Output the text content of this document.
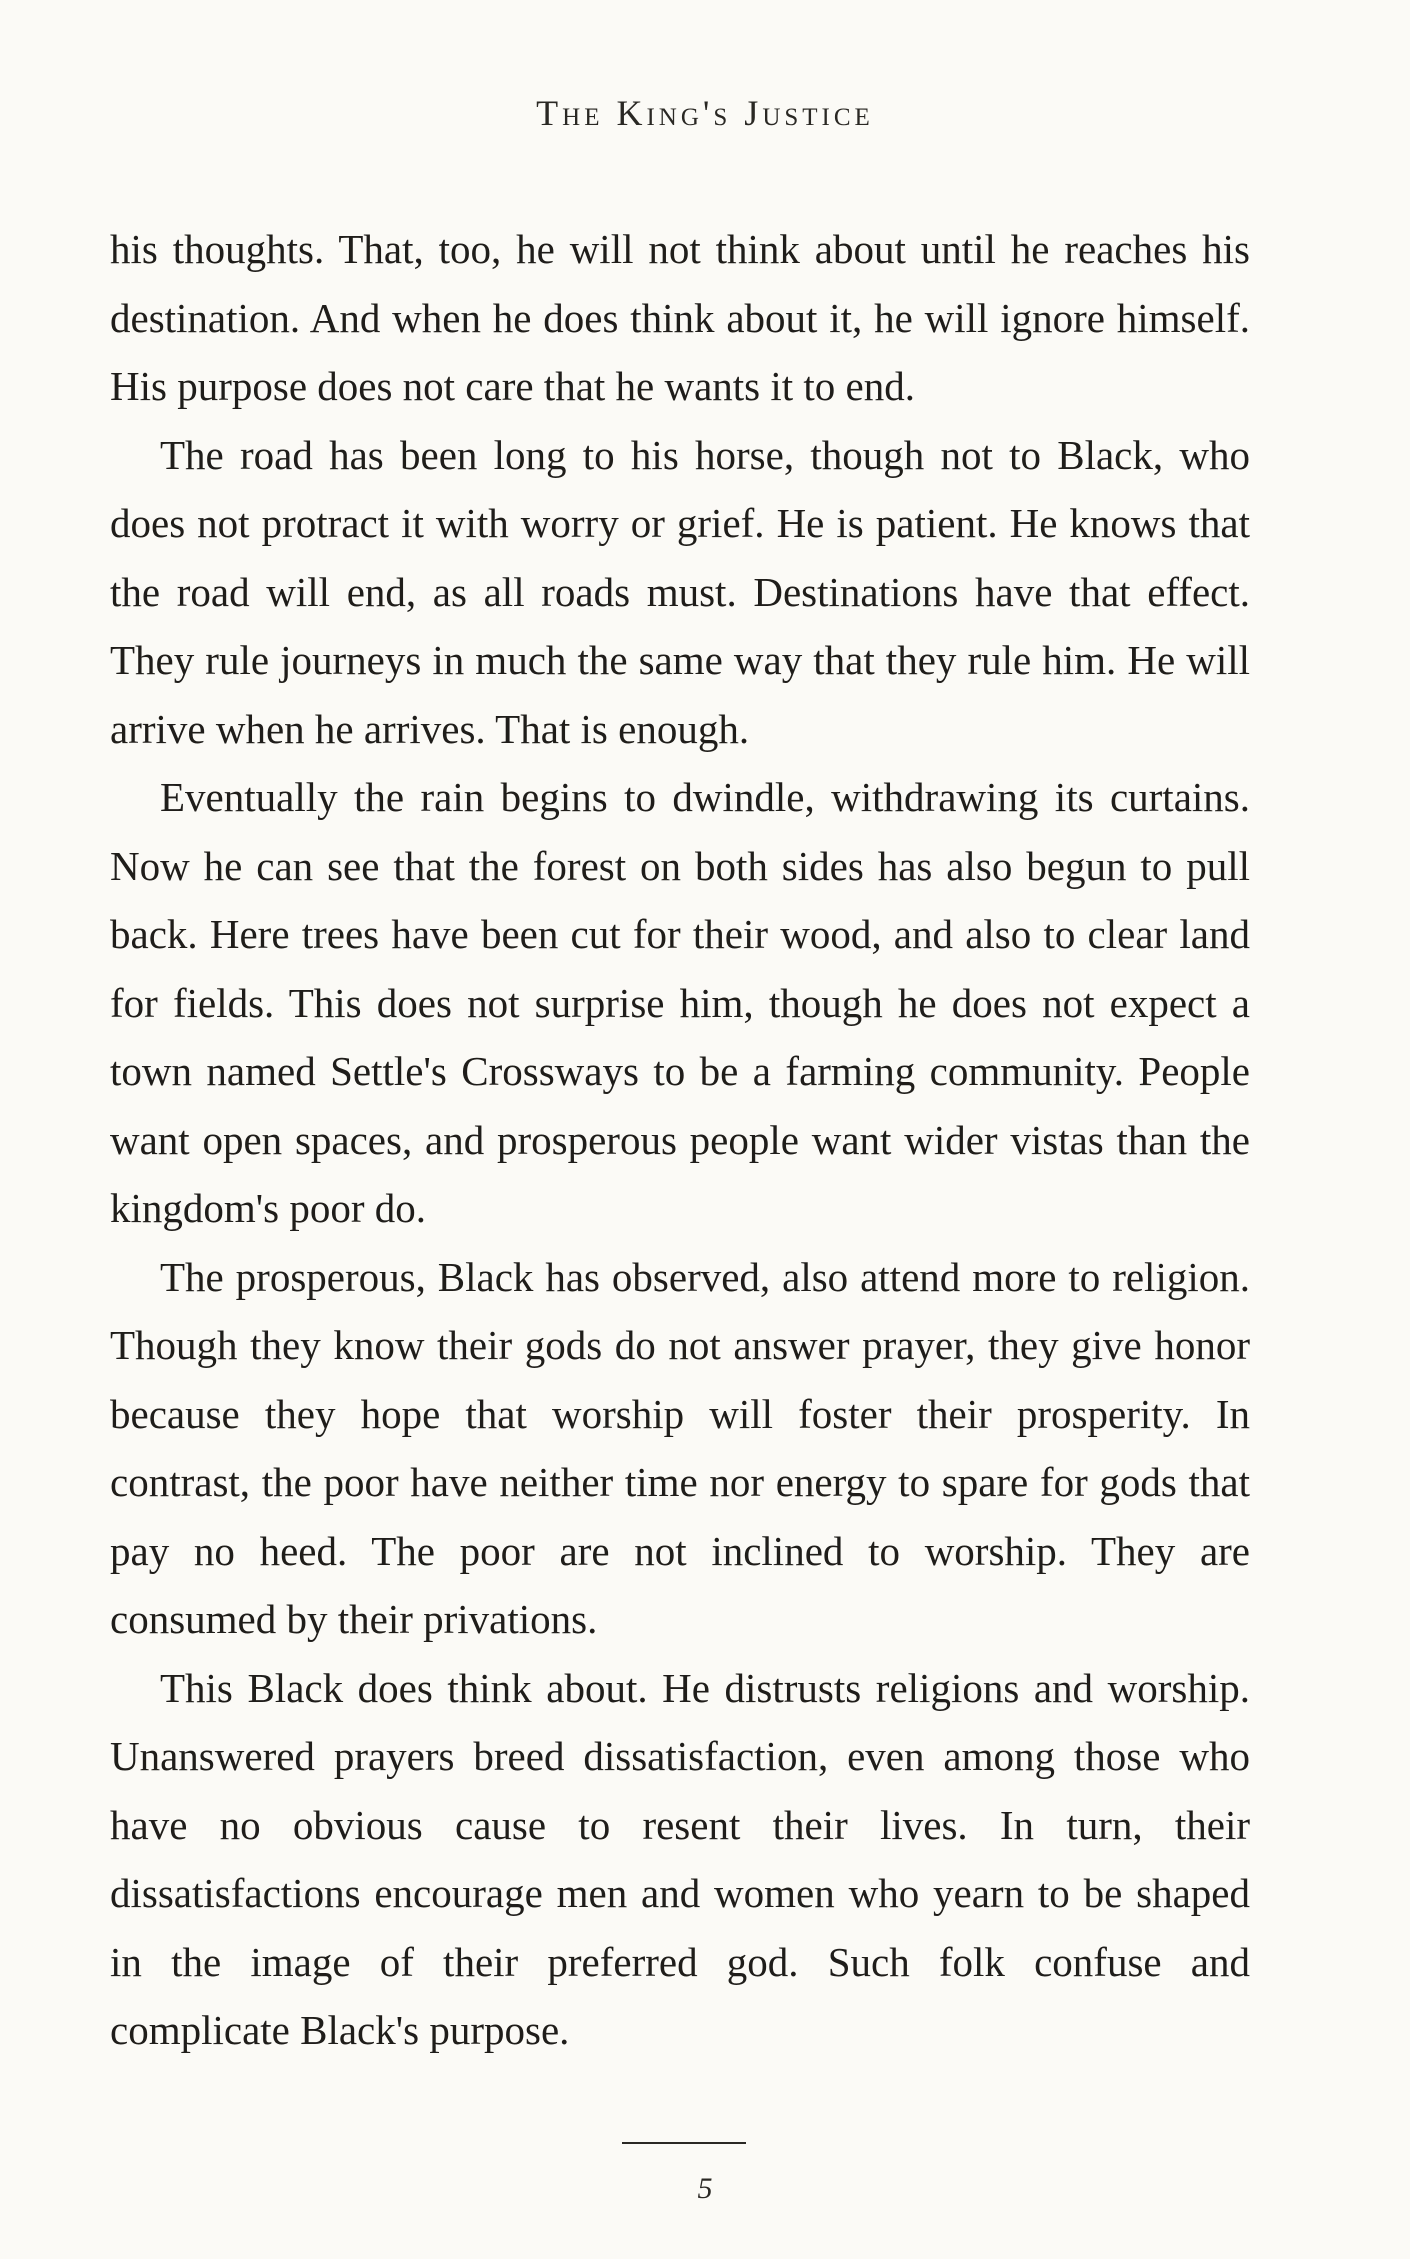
The King's Justice

his thoughts. That, too, he will not think about until he reaches his destination. And when he does think about it, he will ignore himself. His purpose does not care that he wants it to end.

The road has been long to his horse, though not to Black, who does not protract it with worry or grief. He is patient. He knows that the road will end, as all roads must. Destinations have that effect. They rule journeys in much the same way that they rule him. He will arrive when he arrives. That is enough.

Eventually the rain begins to dwindle, withdrawing its curtains. Now he can see that the forest on both sides has also begun to pull back. Here trees have been cut for their wood, and also to clear land for fields. This does not surprise him, though he does not expect a town named Settle's Crossways to be a farming community. People want open spaces, and prosperous people want wider vistas than the kingdom's poor do.

The prosperous, Black has observed, also attend more to religion. Though they know their gods do not answer prayer, they give honor because they hope that worship will foster their prosperity. In contrast, the poor have neither time nor energy to spare for gods that pay no heed. The poor are not inclined to worship. They are consumed by their privations.

This Black does think about. He distrusts religions and worship. Unanswered prayers breed dissatisfaction, even among those who have no obvious cause to resent their lives. In turn, their dissatisfactions encourage men and women who yearn to be shaped in the image of their preferred god. Such folk confuse and complicate Black's purpose.

5
